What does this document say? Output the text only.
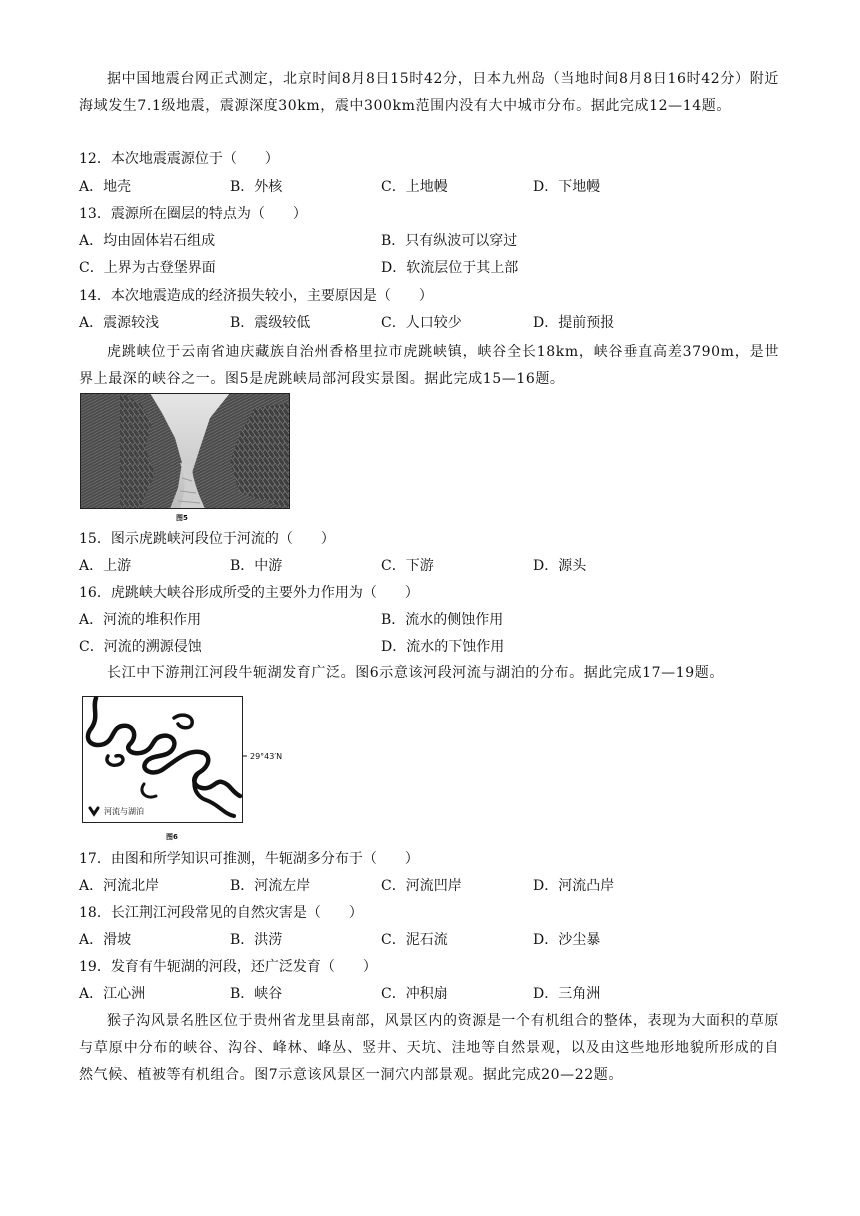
据中国地震台网正式测定，北京时间8月8日15时42分，日本九州岛（当地时间8月8日16时42分）附近海域发生7.1级地震，震源深度30km，震中300km范围内没有大中城市分布。据此完成12—14题。
12．本次地震震源位于（　　）
A．地壳	B．外核	C．上地幔	D．下地幔
13．震源所在圈层的特点为（　　）
A．均由固体岩石组成	B．只有纵波可以穿过
C．上界为古登堡界面	D．软流层位于其上部
14．本次地震造成的经济损失较小，主要原因是（　　）
A．震源较浅	B．震级较低	C．人口较少	D．提前预报
虎跳峡位于云南省迪庆藏族自治州香格里拉市虎跳峡镇，峡谷全长18km，峡谷垂直高差3790m，是世界上最深的峡谷之一。图5是虎跳峡局部河段实景图。据此完成15—16题。
图5
15．图示虎跳峡河段位于河流的（　　）
A．上游	B．中游	C．下游	D．源头
16．虎跳峡大峡谷形成所受的主要外力作用为（　　）
A．河流的堆积作用	B．流水的侧蚀作用
C．河流的溯源侵蚀	D．流水的下蚀作用
长江中下游荆江河段牛轭湖发育广泛。图6示意该河段河流与湖泊的分布。据此完成17—19题。
29°43′N
河流与湖泊
图6
17．由图和所学知识可推测，牛轭湖多分布于（　　）
A．河流北岸	B．河流左岸	C．河流凹岸	D．河流凸岸
18．长江荆江河段常见的自然灾害是（　　）
A．滑坡	B．洪涝	C．泥石流	D．沙尘暴
19．发育有牛轭湖的河段，还广泛发育（　　）
A．江心洲	B．峡谷	C．冲积扇	D．三角洲
猴子沟风景名胜区位于贵州省龙里县南部，风景区内的资源是一个有机组合的整体，表现为大面积的草原与草原中分布的峡谷、沟谷、峰林、峰丛、竖井、天坑、洼地等自然景观，以及由这些地形地貌所形成的自然气候、植被等有机组合。图7示意该风景区一洞穴内部景观。据此完成20—22题。
